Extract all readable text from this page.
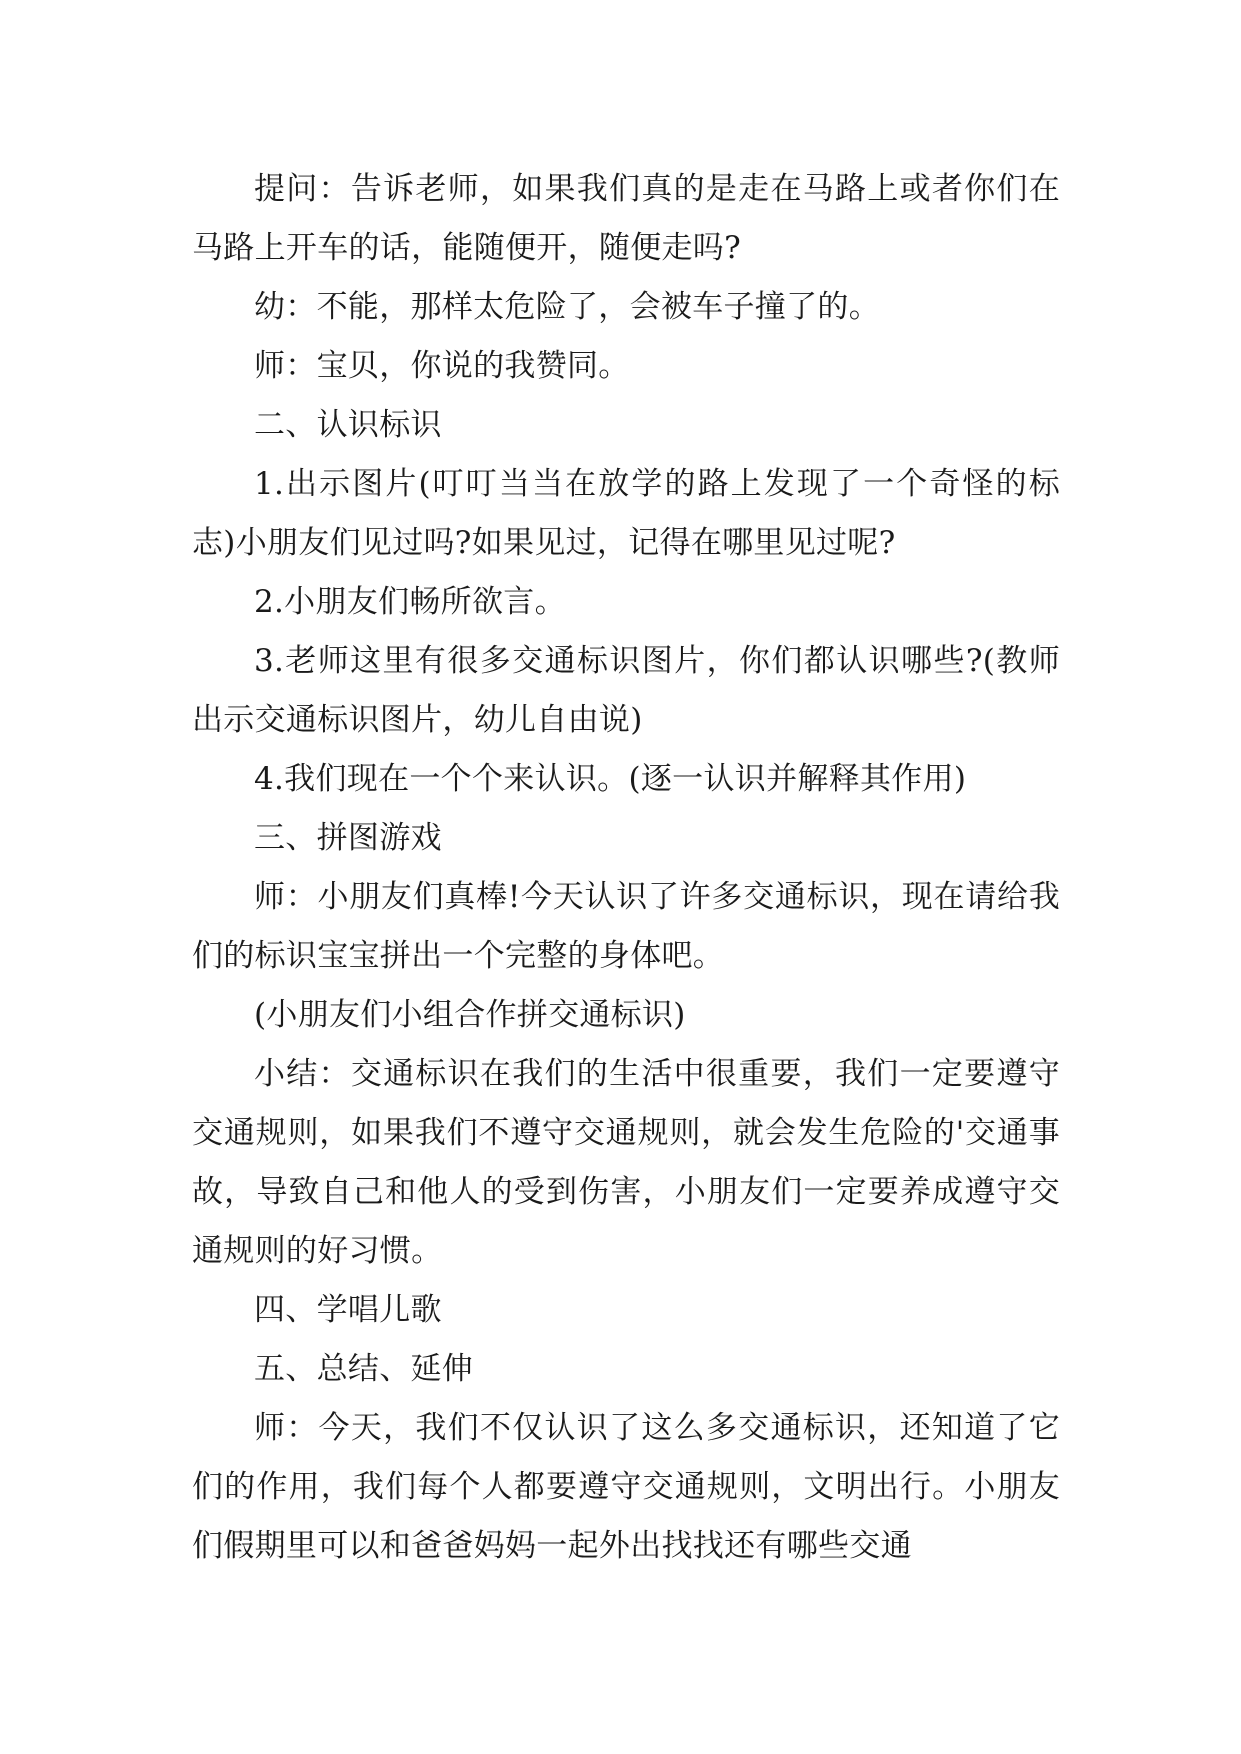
提问：告诉老师，如果我们真的是走在马路上或者你们在马路上开车的话，能随便开，随便走吗?

幼：不能，那样太危险了，会被车子撞了的。

师：宝贝，你说的我赞同。

二、认识标识

1.出示图片(叮叮当当在放学的路上发现了一个奇怪的标志)小朋友们见过吗?如果见过，记得在哪里见过呢?

2.小朋友们畅所欲言。

3.老师这里有很多交通标识图片，你们都认识哪些?(教师出示交通标识图片，幼儿自由说)

4.我们现在一个个来认识。(逐一认识并解释其作用)

三、拼图游戏

师：小朋友们真棒!今天认识了许多交通标识，现在请给我们的标识宝宝拼出一个完整的身体吧。

(小朋友们小组合作拼交通标识)

小结：交通标识在我们的生活中很重要，我们一定要遵守交通规则，如果我们不遵守交通规则，就会发生危险的'交通事故，导致自己和他人的受到伤害，小朋友们一定要养成遵守交通规则的好习惯。

四、学唱儿歌

五、总结、延伸

师：今天，我们不仅认识了这么多交通标识，还知道了它们的作用，我们每个人都要遵守交通规则，文明出行。小朋友们假期里可以和爸爸妈妈一起外出找找还有哪些交通
